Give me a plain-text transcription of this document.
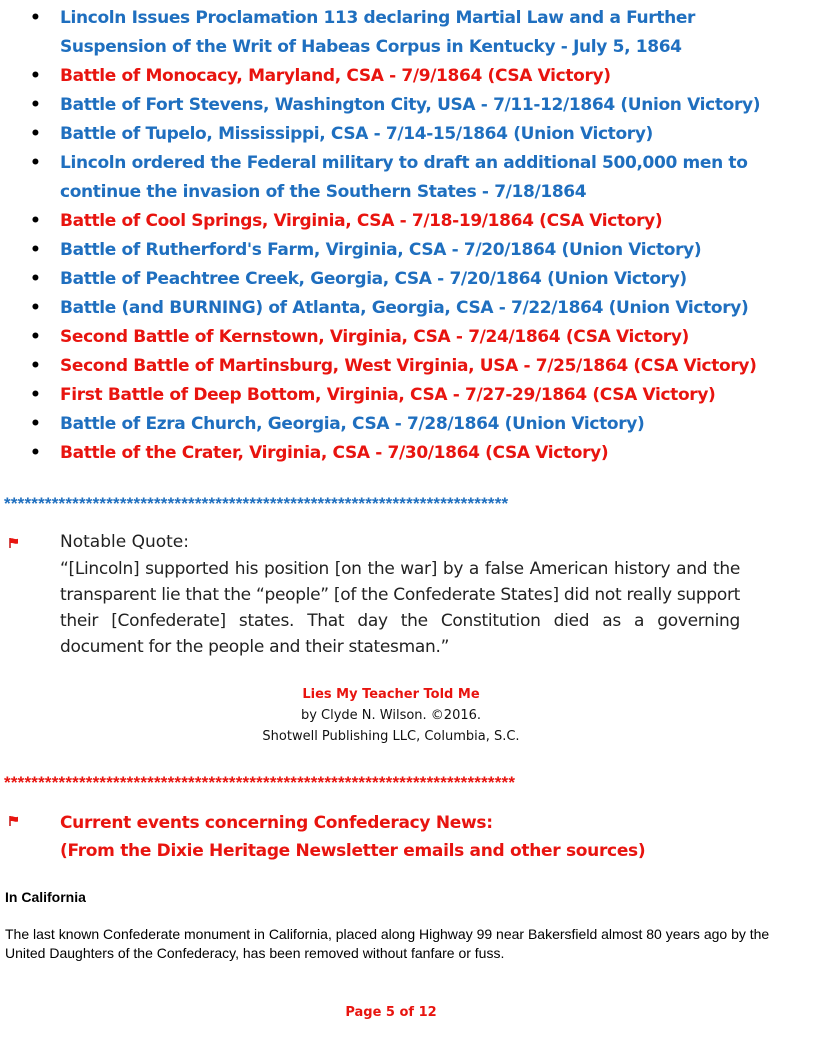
• Lincoln Issues Proclamation 113 declaring Martial Law and a Further Suspension of the Writ of Habeas Corpus in Kentucky - July 5, 1864
• Battle of Monocacy, Maryland, CSA - 7/9/1864 (CSA Victory)
• Battle of Fort Stevens, Washington City, USA - 7/11-12/1864 (Union Victory)
• Battle of Tupelo, Mississippi, CSA - 7/14-15/1864 (Union Victory)
• Lincoln ordered the Federal military to draft an additional 500,000 men to continue the invasion of the Southern States - 7/18/1864
• Battle of Cool Springs, Virginia, CSA - 7/18-19/1864 (CSA Victory)
• Battle of Rutherford's Farm, Virginia, CSA - 7/20/1864 (Union Victory)
• Battle of Peachtree Creek, Georgia, CSA - 7/20/1864 (Union Victory)
• Battle (and BURNING) of Atlanta, Georgia, CSA - 7/22/1864 (Union Victory)
• Second Battle of Kernstown, Virginia, CSA - 7/24/1864 (CSA Victory)
• Second Battle of Martinsburg, West Virginia, USA - 7/25/1864 (CSA Victory)
• First Battle of Deep Bottom, Virginia, CSA - 7/27-29/1864 (CSA Victory)
• Battle of Ezra Church, Georgia, CSA - 7/28/1864 (Union Victory)
• Battle of the Crater, Virginia, CSA - 7/30/1864 (CSA Victory)
**************************************************************************
Notable Quote:
“[Lincoln] supported his position [on the war] by a false American history and the transparent lie that the “people” [of the Confederate States] did not really support their [Confederate] states. That day the Constitution died as a governing document for the people and their statesman.”
Lies My Teacher Told Me
by Clyde N. Wilson. ©2016.
Shotwell Publishing LLC, Columbia, S.C.
***************************************************************************
Current events concerning Confederacy News:
(From the Dixie Heritage Newsletter emails and other sources)
In California
The last known Confederate monument in California, placed along Highway 99 near Bakersfield almost 80 years ago by the United Daughters of the Confederacy, has been removed without fanfare or fuss.
Page 5 of 12
